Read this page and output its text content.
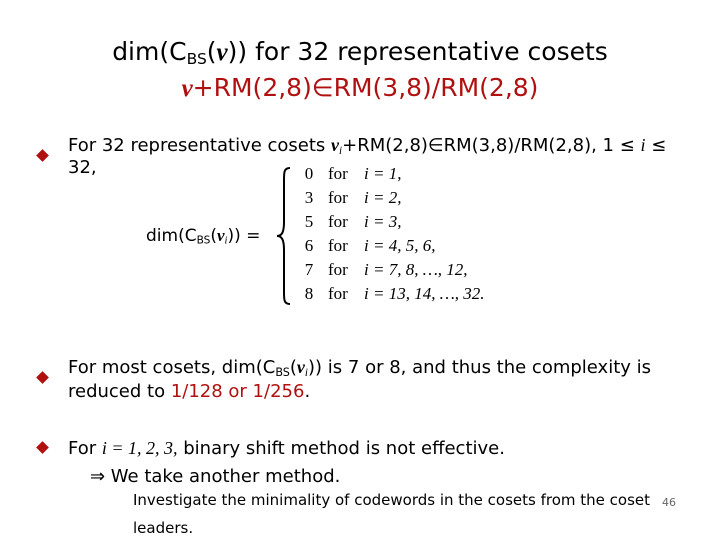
$dim(C_{BS}(v))$ for 32 representative cosets
v+RM(2,8)∈RM(3,8)/RM(2,8)
For 32 representative cosets $v_i+RM(2,8)\in RM(3,8)/RM(2,8)$, 1 ≤ i ≤
32,
$dim(C_{BS}(v_i))$ =
0 for i = 1,
3 for i = 2,
5 for i = 3,
6 for i = 4, 5, 6,
7 for i = 7, 8, …, 12,
8 for i = 13, 14, …, 32.
For most cosets, $dim(C_{BS}(v_i))$ is 7 or 8, and thus the complexity is
reduced to 1/128 or 1/256.
For i = 1, 2, 3, binary shift method is not effective.
⇒ We take another method.
Investigate the minimality of codewords in the cosets from the coset
leaders.
46
